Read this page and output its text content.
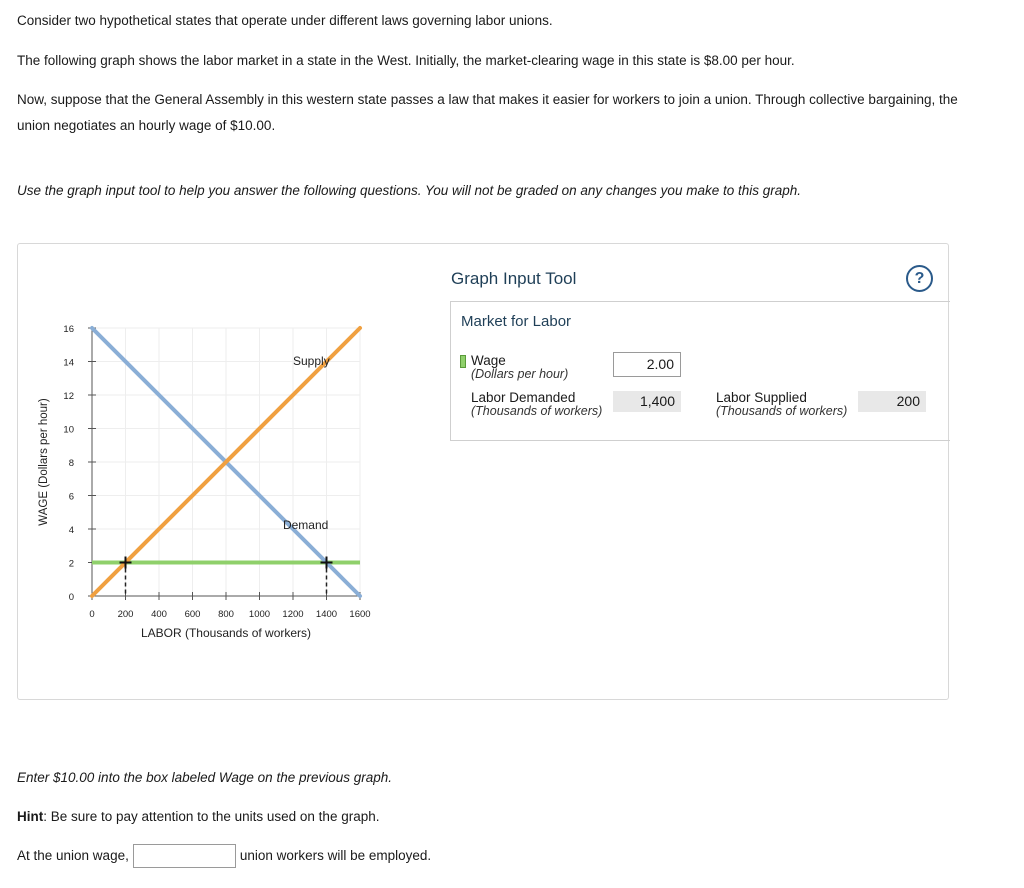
Consider two hypothetical states that operate under different laws governing labor unions.

The following graph shows the labor market in a state in the West. Initially, the market-clearing wage in this state is $8.00 per hour.

Now, suppose that the General Assembly in this western state passes a law that makes it easier for workers to join a union. Through collective bargaining, the union negotiates an hourly wage of $10.00.

Use the graph input tool to help you answer the following questions. You will not be graded on any changes you make to this graph.

0
2
4
6
8
10
12
14
16
0 200 400 600 800 1000 1200 1400 1600
LABOR (Thousands of workers)
WAGE (Dollars per hour)
Supply
Demand
Graph Input Tool	?
Market for Labor
Wage
(Dollars per hour)
2.00
Labor Demanded
(Thousands of workers)
1,400	Labor Supplied
(Thousands of workers)
200

Enter $10.00 into the box labeled Wage on the previous graph.

Hint: Be sure to pay attention to the units used on the graph.

At the union wage,	union workers will be employed.
